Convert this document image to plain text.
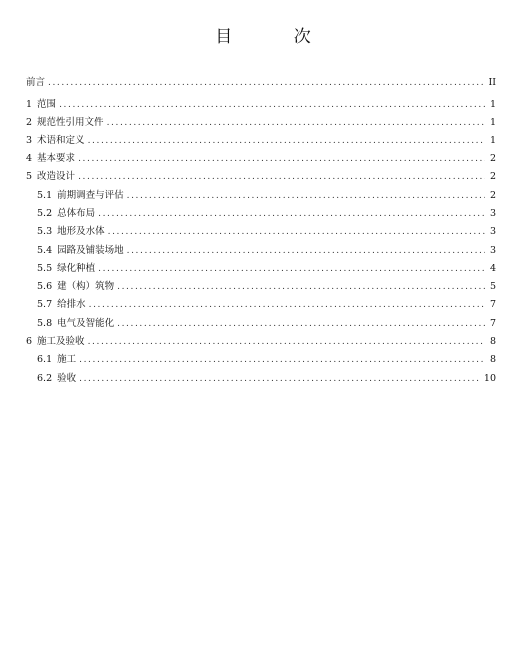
目 次
前言 .....	II
1 范围 .....	1
2 规范性引用文件 .....	1
3 术语和定义 .....	1
4 基本要求 .....	2
5 改造设计 .....	2
5.1 前期调查与评估 .....	2
5.2 总体布局 .....	3
5.3 地形及水体 .....	3
5.4 园路及铺装场地 .....	3
5.5 绿化种植 .....	4
5.6 建（构）筑物 .....	5
5.7 给排水 .....	7
5.8 电气及智能化 .....	7
6 施工及验收 .....	8
6.1 施工 .....	8
6.2 验收 .....	10
